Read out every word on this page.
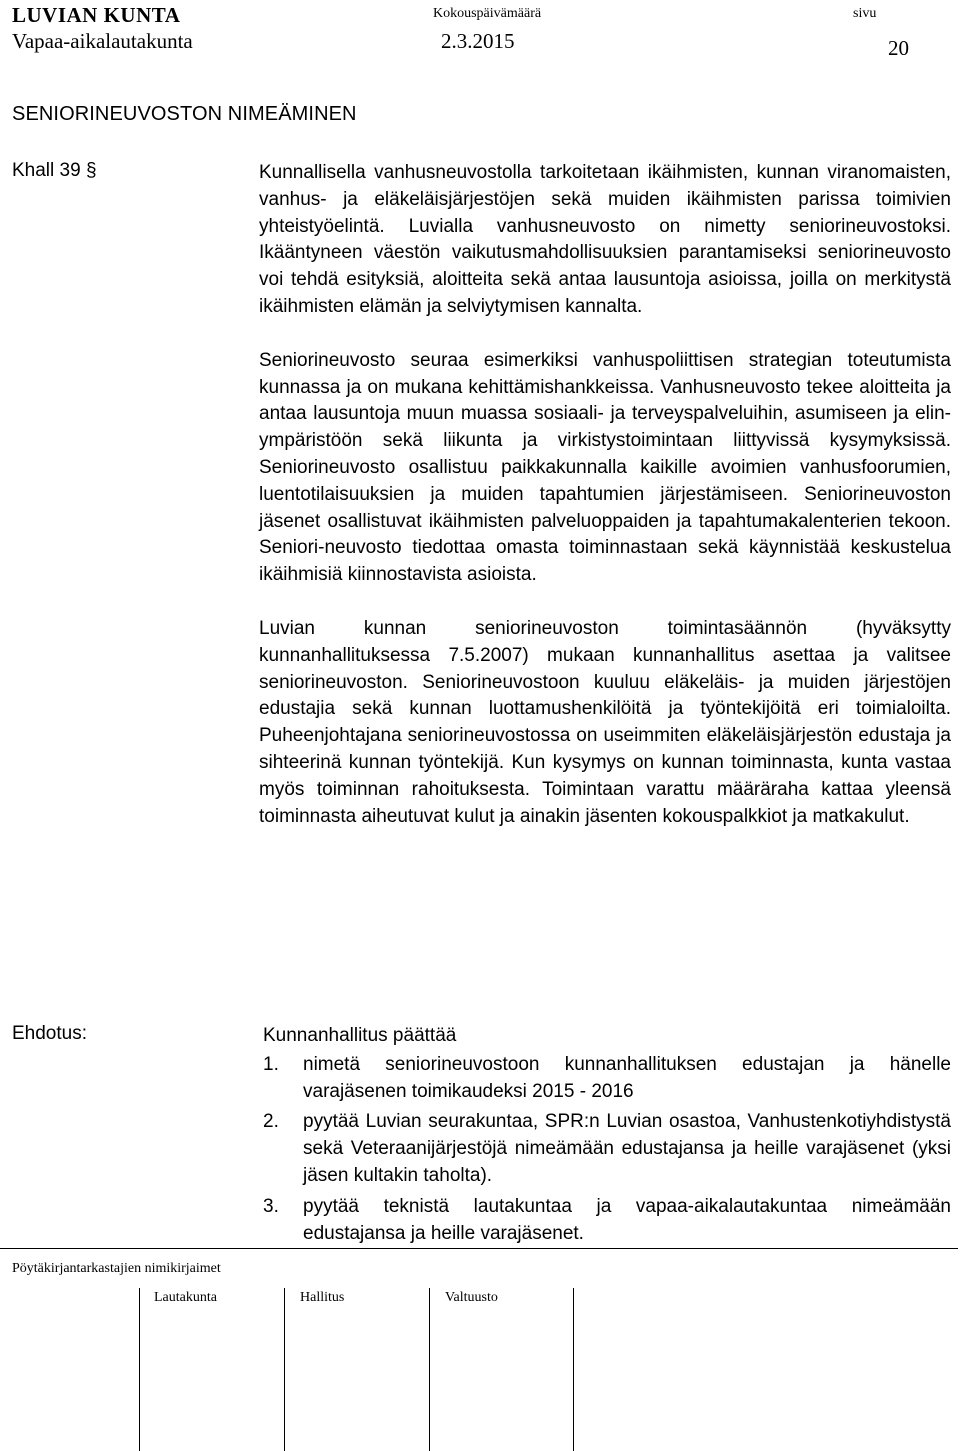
LUVIAN KUNTA
Vapaa-aikalautakunta
Kokouspäivämäärä
2.3.2015
sivu
20
SENIORINEUVOSTON NIMEÄMINEN
Khall 39 §	Kunnallisella vanhusneuvostolla tarkoitetaan ikäihmisten, kunnan viranomaisten, vanhus- ja eläkeläisjärjestöjen sekä muiden ikäihmisten parissa toimivien yhteistyöelintä. Luvialla vanhusneuvosto on nimetty seniorineuvostoksi. Ikääntyneen väestön vaikutusmahdollisuuksien parantamiseksi seniorineuvosto voi tehdä esityksiä, aloitteita sekä antaa lausuntoja asioissa, joilla on merkitystä ikäihmisten elämän ja selviytymisen kannalta.

Seniorineuvosto seuraa esimerkiksi vanhuspoliittisen strategian toteutumista kunnassa ja on mukana kehittämishankkeissa. Vanhusneuvosto tekee aloitteita ja antaa lausuntoja muun muassa sosiaali- ja terveyspalveluihin, asumiseen ja elin-ympäristöön sekä liikunta ja virkistystoimintaan liittyvissä kysymyksissä. Seniorineuvosto osallistuu paikkakunnalla kaikille avoimien vanhusfoorumien, luentotilaisuuksien ja muiden tapahtumien järjestämiseen. Seniorineuvoston jäsenet osallistuvat ikäihmisten palveluoppaiden ja tapahtumakalenterien tekoon. Seniori-neuvosto tiedottaa omasta toiminnastaan sekä käynnistää keskustelua ikäihmisiä kiinnostavista asioista.

Luvian kunnan seniorineuvoston toimintasäännön (hyväksytty kunnanhallituksessa 7.5.2007) mukaan kunnanhallitus asettaa ja valitsee seniorineuvoston. Seniorineuvostoon kuuluu eläkeläis- ja muiden järjestöjen edustajia sekä kunnan luottamushenkilöitä ja työntekijöitä eri toimialoilta. Puheenjohtajana seniorineuvostossa on useimmiten eläkeläisjärjestön edustaja ja sihteerinä kunnan työntekijä. Kun kysymys on kunnan toiminnasta, kunta vastaa myös toiminnan rahoituksesta. Toimintaan varattu määräraha kattaa yleensä toiminnasta aiheutuvat kulut ja ainakin jäsenten kokouspalkkiot ja matkakulut.

Ehdotus:	Kunnanhallitus päättää

1. nimetä seniorineuvostoon kunnanhallituksen edustajan ja hänelle varajäsenen toimikaudeksi 2015 - 2016
2. pyytää Luvian seurakuntaa, SPR:n Luvian osastoa, Vanhustenkotiyhdistystä sekä Veteraanijärjestöjä nimeämään edustajansa ja heille varajäsenet (yksi jäsen kultakin taholta).
3. pyytää teknistä lautakuntaa ja vapaa-aikalautakuntaa nimeämään edustajansa ja heille varajäsenet.
Pöytäkirjantarkastajien nimikirjaimet
Lautakunta	Hallitus	Valtuusto
